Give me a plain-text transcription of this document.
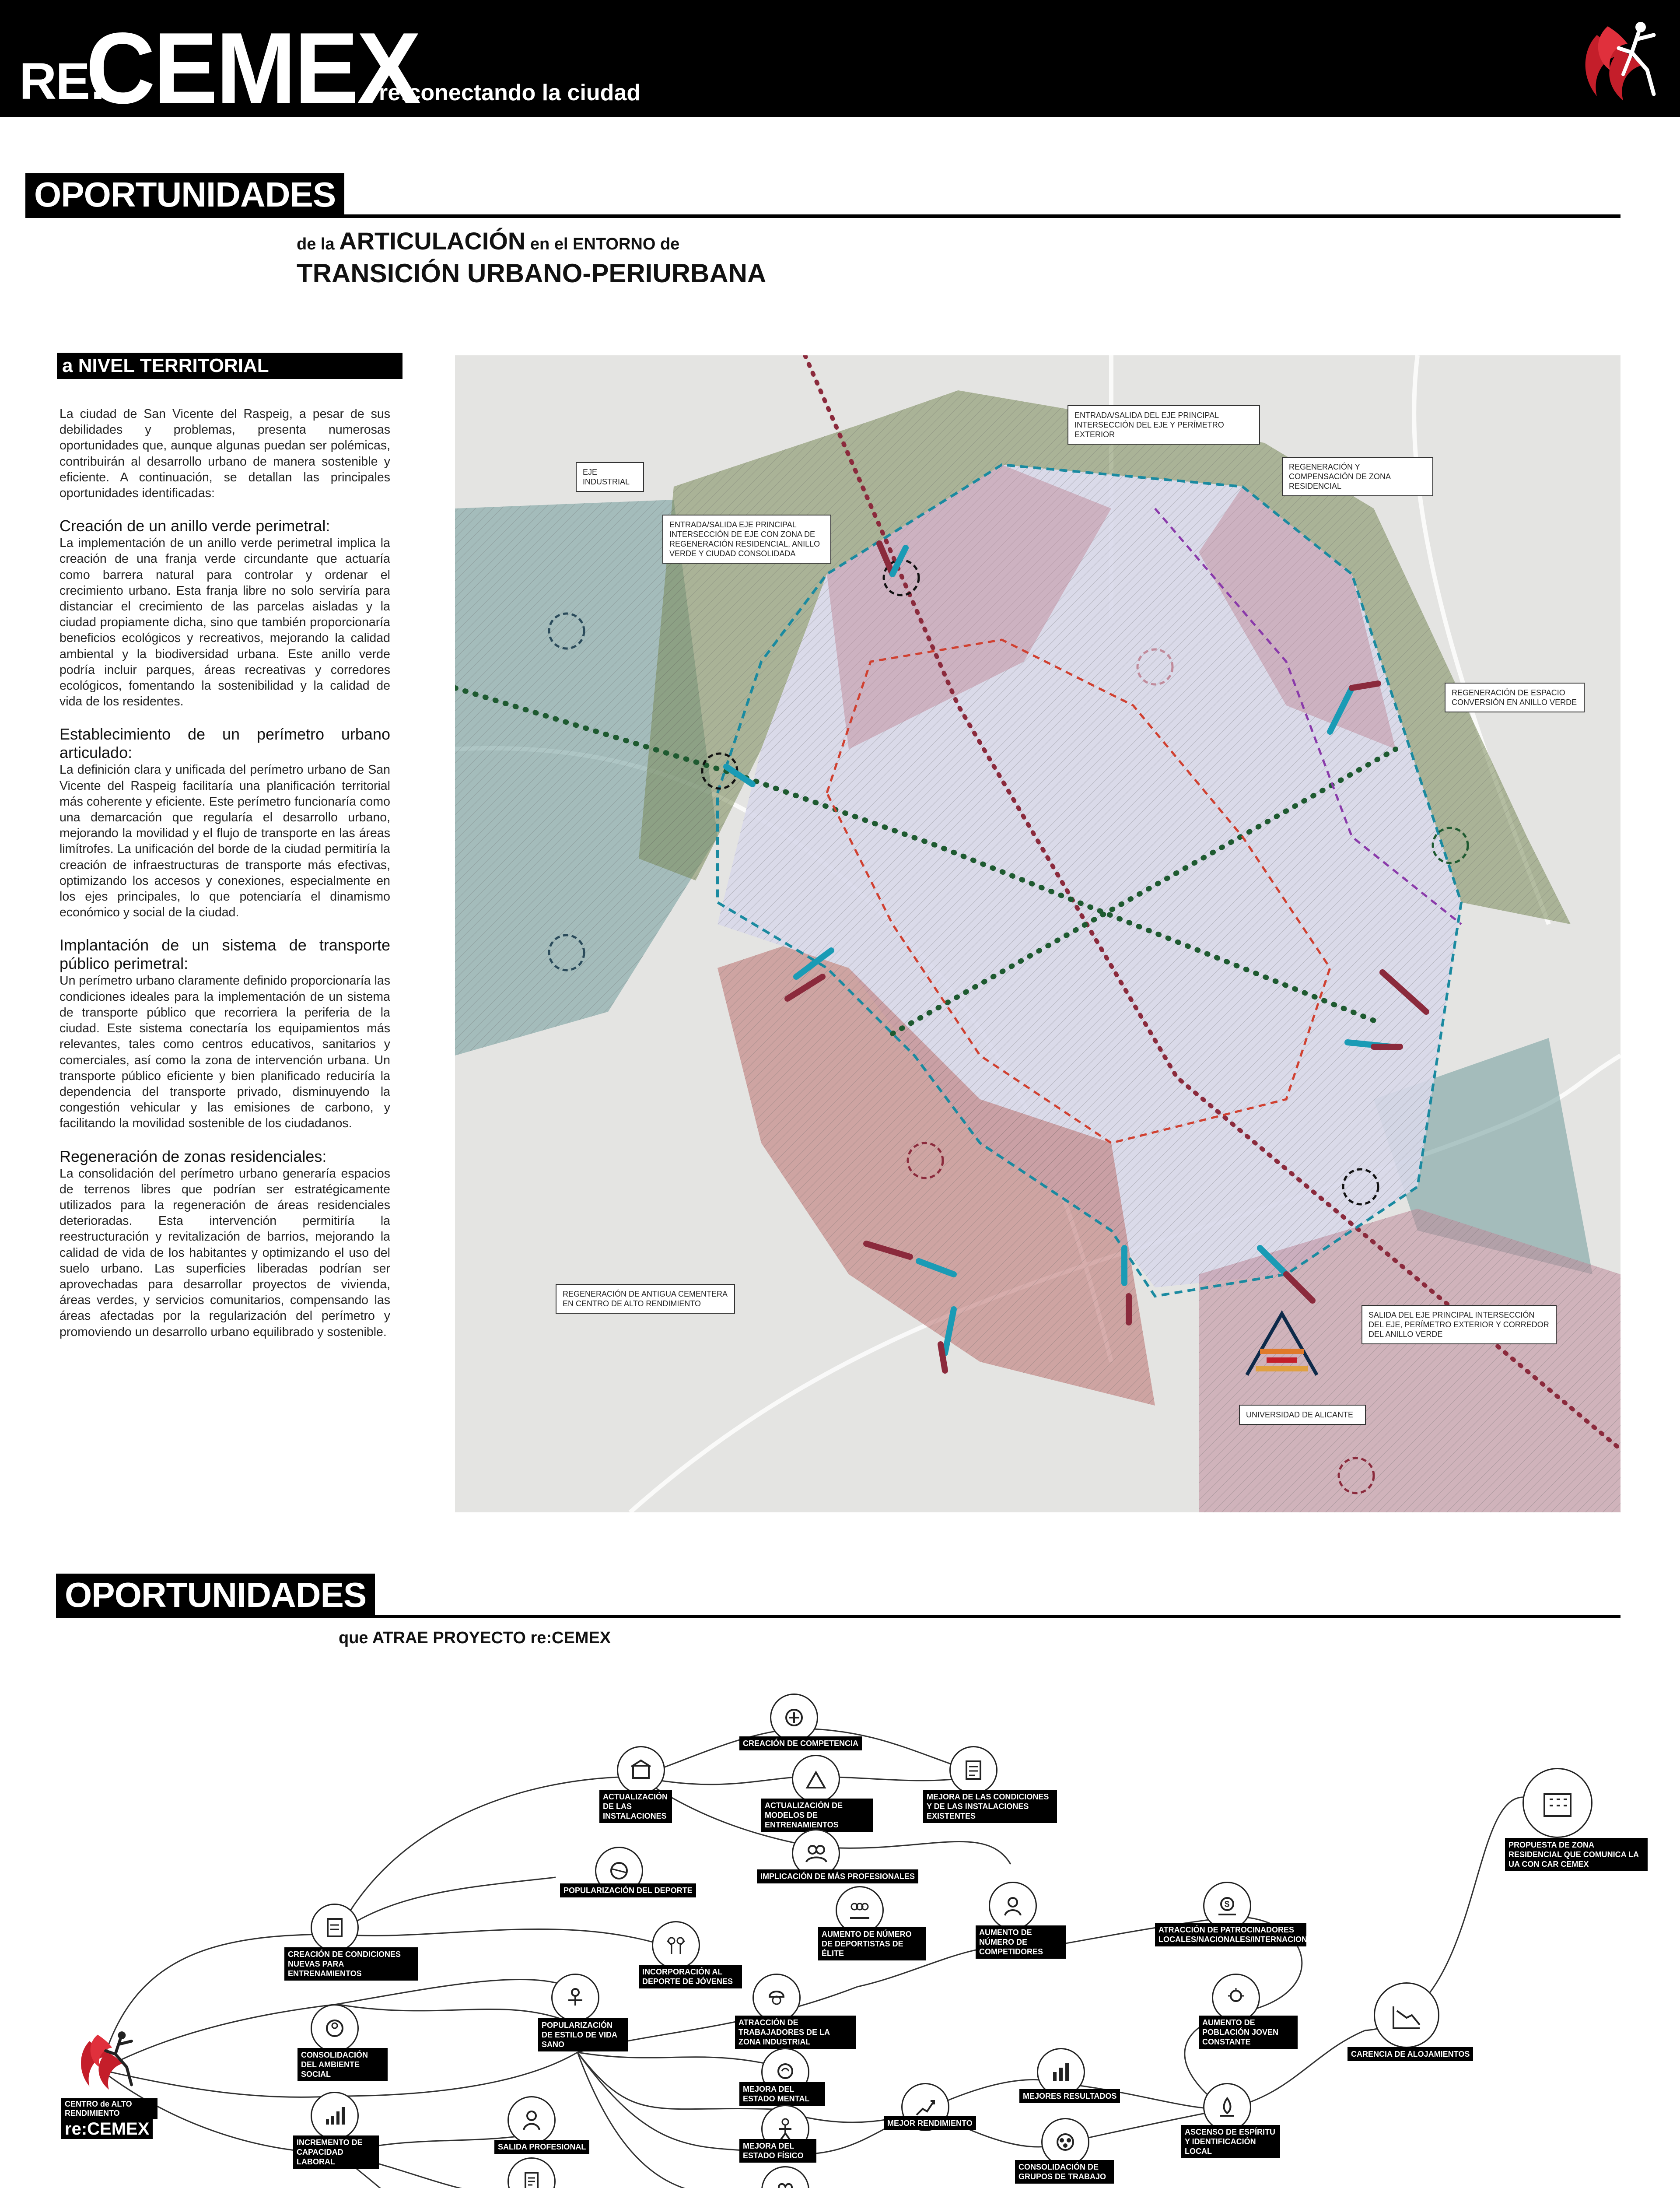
RE:
CEMEX
re:conectando la ciudad
OPORTUNIDADES
de la ARTICULACIÓN en el ENTORNO de
TRANSICIÓN URBANO-PERIURBANA
a NIVEL TERRITORIAL

La ciudad de San Vicente del Raspeig, a pesar de sus debilidades y problemas, presenta numerosas oportunidades que, aunque algunas puedan ser polémicas, contribuirán al desarrollo urbano de manera sostenible y eficiente. A continuación, se detallan las principales oportunidades identificadas:

Creación de un anillo verde perimetral:
La implementación de un anillo verde perimetral implica la creación de una franja verde circundante que actuaría como barrera natural para controlar y ordenar el crecimiento urbano. Esta franja libre no solo serviría para distanciar el crecimiento de las parcelas aisladas y la ciudad propiamente dicha, sino que también proporcionaría beneficios ecológicos y recreativos, mejorando la calidad ambiental y la biodiversidad urbana. Este anillo verde podría incluir parques, áreas recreativas y corredores ecológicos, fomentando la sostenibilidad y la calidad de vida de los residentes.

Establecimiento de un perímetro urbano articulado:
La definición clara y unificada del perímetro urbano de San Vicente del Raspeig facilitaría una planificación territorial más coherente y eficiente. Este perímetro funcionaría como una demarcación que regularía el desarrollo urbano, mejorando la movilidad y el flujo de transporte en las áreas limítrofes. La unificación del borde de la ciudad permitiría la creación de infraestructuras de transporte más efectivas, optimizando los accesos y conexiones, especialmente en los ejes principales, lo que potenciaría el dinamismo económico y social de la ciudad.

Implantación de un sistema de transporte público perimetral:
Un perímetro urbano claramente definido proporcionaría las condiciones ideales para la implementación de un sistema de transporte público que recorriera la periferia de la ciudad. Este sistema conectaría los equipamientos más relevantes, tales como centros educativos, sanitarios y comerciales, así como la zona de intervención urbana. Un transporte público eficiente y bien planificado reduciría la dependencia del transporte privado, disminuyendo la congestión vehicular y las emisiones de carbono, y facilitando la movilidad sostenible de los ciudadanos.

Regeneración de zonas residenciales:
La consolidación del perímetro urbano generaría espacios de terrenos libres que podrían ser estratégicamente utilizados para la regeneración de áreas residenciales deterioradas. Esta intervención permitiría la reestructuración y revitalización de barrios, mejorando la calidad de vida de los habitantes y optimizando el uso del suelo urbano. Las superficies liberadas podrían ser aprovechadas para desarrollar proyectos de vivienda, áreas verdes, y servicios comunitarios, compensando las áreas afectadas por la regularización del perímetro y promoviendo un desarrollo urbano equilibrado y sostenible.

EJE INDUSTRIAL
ENTRADA/SALIDA EJE PRINCIPAL INTERSECCIÓN DE EJE CON ZONA DE REGENERACIÓN RESIDENCIAL, ANILLO VERDE Y CIUDAD CONSOLIDADA
ENTRADA/SALIDA DEL EJE PRINCIPAL INTERSECCIÓN DEL EJE Y PERÍMETRO EXTERIOR
REGENERACIÓN Y COMPENSACIÓN DE ZONA RESIDENCIAL
REGENERACIÓN DE ESPACIO CONVERSIÓN EN ANILLO VERDE
REGENERACIÓN DE ANTIGUA CEMENTERA EN CENTRO DE ALTO RENDIMIENTO
SALIDA DEL EJE PRINCIPAL INTERSECCIÓN DEL EJE, PERÍMETRO EXTERIOR Y CORREDOR DEL ANILLO VERDE
UNIVERSIDAD DE ALICANTE
OPORTUNIDADES
que ATRAE PROYECTO re:CEMEX
CENTRO de ALTO RENDIMIENTO re:CEMEX
CREACIÓN DE COMPETENCIA
ACTUALIZACIÓN DE LAS INSTALACIONES
ACTUALIZACIÓN DE MODELOS DE ENTRENAMIENTOS
MEJORA DE LAS CONDICIONES Y DE LAS INSTALACIONES EXISTENTES
IMPLICACIÓN DE MÁS PROFESIONALES
POPULARIZACIÓN DEL DEPORTE
CREACIÓN DE CONDICIONES NUEVAS PARA ENTRENAMIENTOS
AUMENTO DE NÚMERO DE DEPORTISTAS DE ÉLITE
AUMENTO DE NÚMERO DE COMPETIDORES
$
ATRACCIÓN DE PATROCINADORES LOCALES/NACIONALES/INTERNACIONALES
PROPUESTA DE ZONA RESIDENCIAL QUE COMUNICA LA UA CON CAR CEMEX
INCORPORACIÓN AL DEPORTE DE JÓVENES
CONSOLIDACIÓN DEL AMBIENTE SOCIAL
POPULARIZACIÓN DE ESTILO DE VIDA SANO
ATRACCIÓN DE TRABAJADORES DE LA ZONA INDUSTRIAL
AUMENTO DE POBLACIÓN JOVEN CONSTANTE
CARENCIA DE ALOJAMIENTOS
MEJORA DEL ESTADO MENTAL	MEJORES RESULTADOS
INCREMENTO DE CAPACIDAD LABORAL
SALIDA PROFESIONAL	MEJORA DEL ESTADO FÍSICO
MEJOR RENDIMIENTO
ASCENSO DE ESPÍRITU Y IDENTIFICACIÓN LOCAL
CONSOLIDACIÓN DE GRUPOS DE TRABAJO
